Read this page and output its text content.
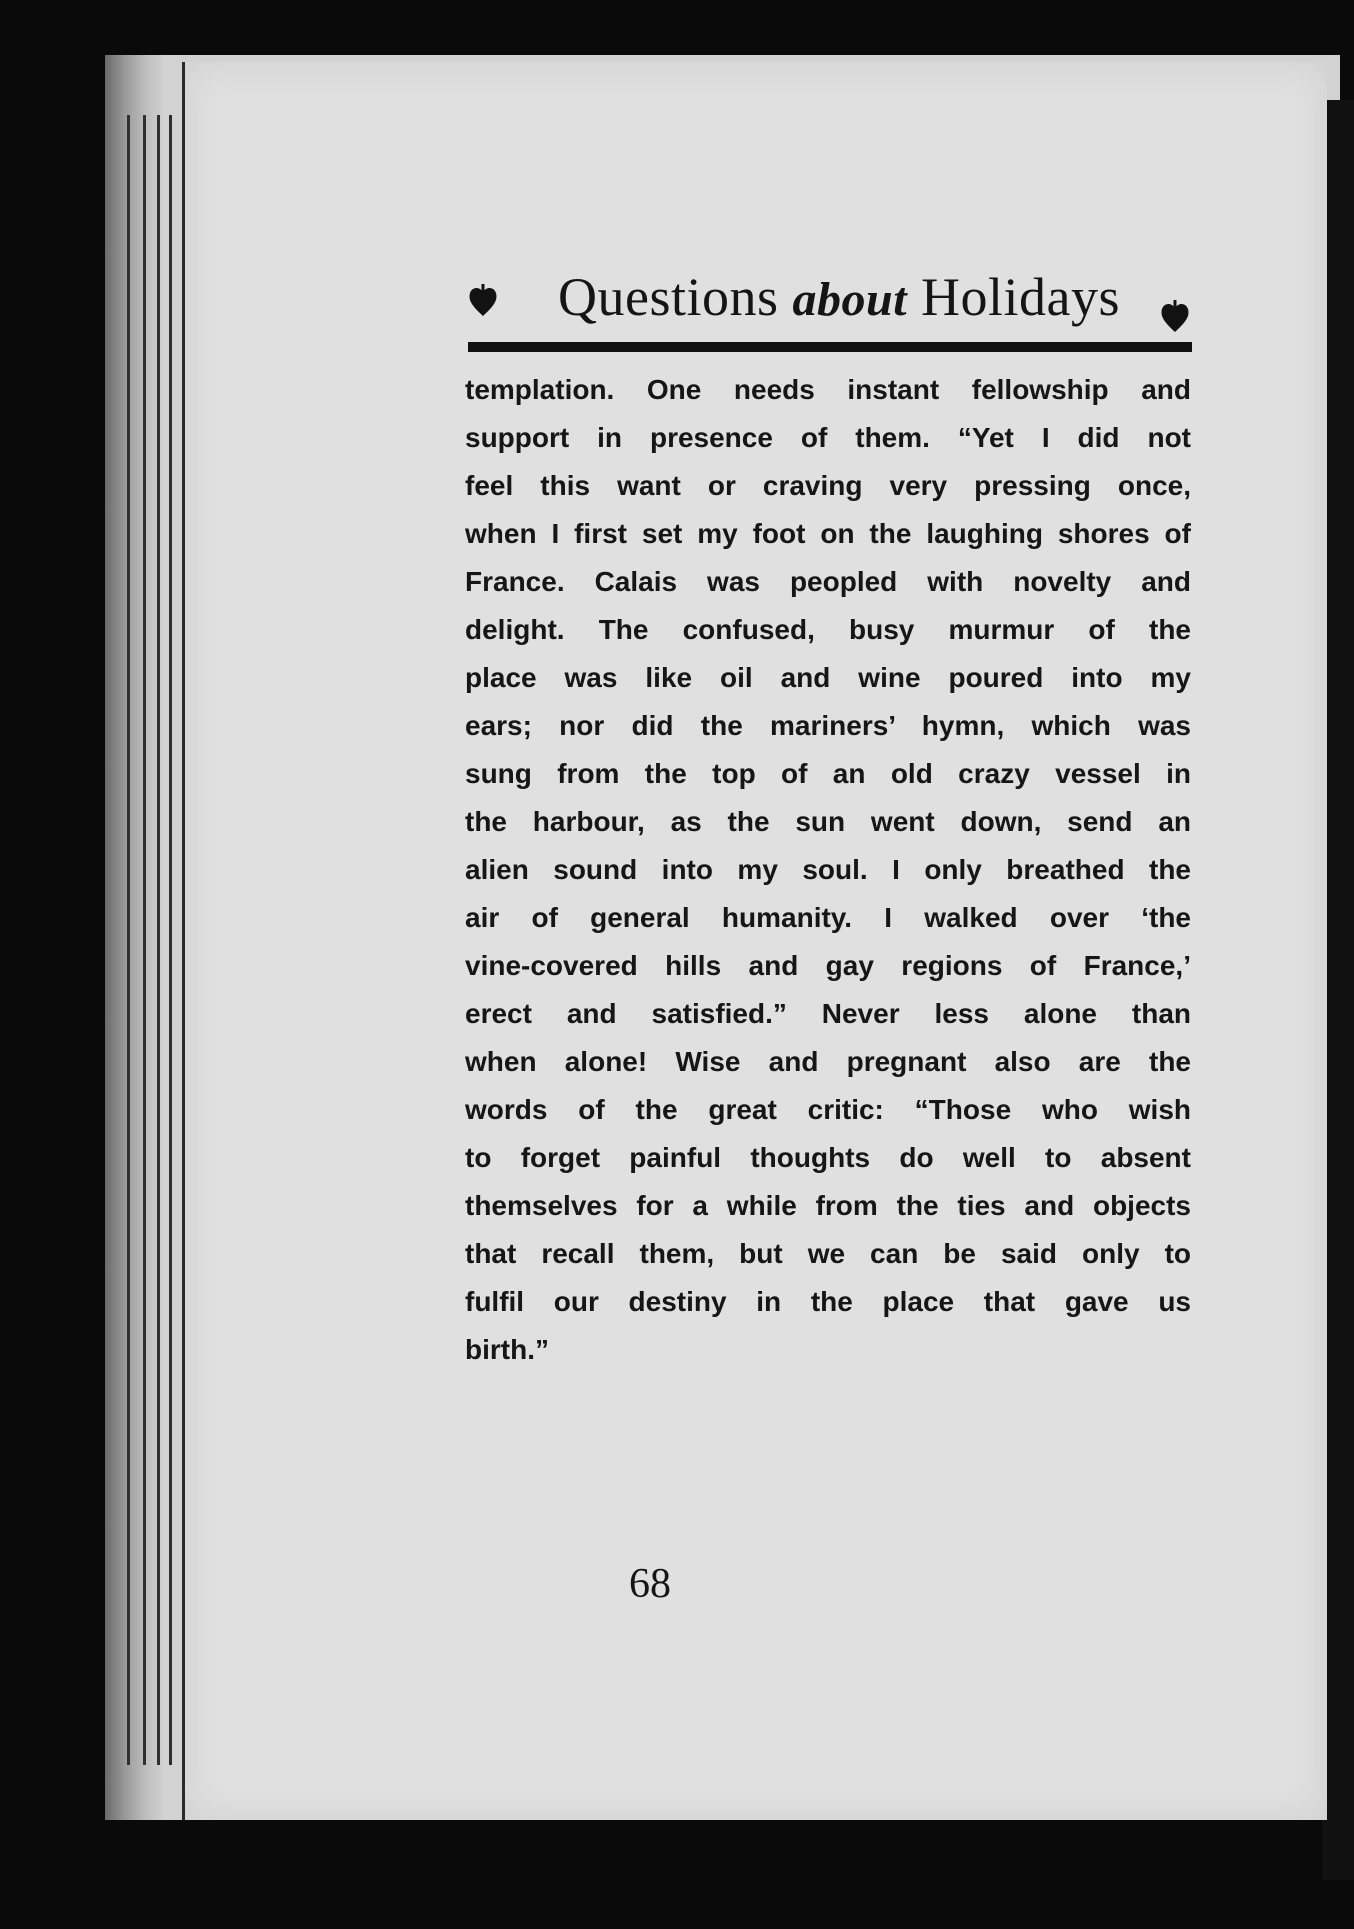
Questions about Holidays
templation. One needs instant fellowship and
support in presence of them. “Yet I did not
feel this want or craving very pressing once,
when I first set my foot on the laughing shores of
France. Calais was peopled with novelty and
delight. The confused, busy murmur of the
place was like oil and wine poured into my
ears; nor did the mariners’ hymn, which was
sung from the top of an old crazy vessel in
the harbour, as the sun went down, send an
alien sound into my soul. I only breathed the
air of general humanity. I walked over ‘the
vine-covered hills and gay regions of France,’
erect and satisfied.” Never less alone than
when alone! Wise and pregnant also are the
words of the great critic: “Those who wish
to forget painful thoughts do well to absent
themselves for a while from the ties and objects
that recall them, but we can be said only to
fulfil our destiny in the place that gave us
birth.”
68
